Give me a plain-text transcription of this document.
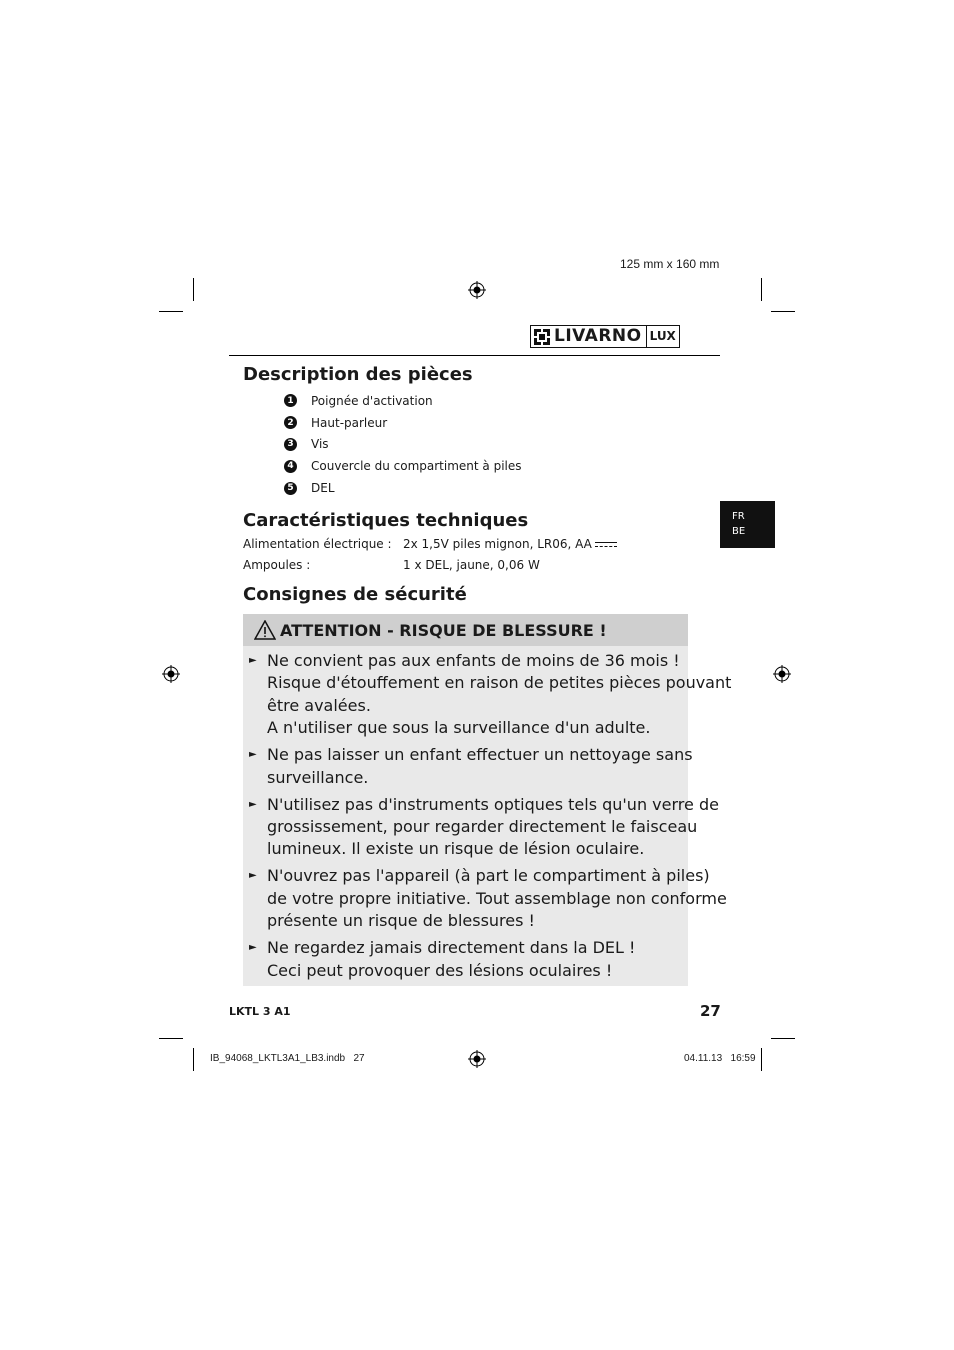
125 mm x 160 mm
LIVARNO LUX
Description des pièces
1 Poignée d'activation
2 Haut-parleur
3 Vis
4 Couvercle du compartiment à piles
5 DEL
FR
BE
Caractéristiques techniques
Alimentation électrique : 2x 1,5V piles mignon, LR06, AA
Ampoules :	1 x DEL, jaune, 0,06 W
Consignes de sécurité
ATTENTION - RISQUE DE BLESSURE !
► Ne convient pas aux enfants de moins de 36 mois !
Risque d'étouffement en raison de petites pièces pouvant
être avalées.
A n'utiliser que sous la surveillance d'un adulte.
► Ne pas laisser un enfant effectuer un nettoyage sans
surveillance.
► N'utilisez pas d'instruments optiques tels qu'un verre de
grossissement, pour regarder directement le faisceau
lumineux. Il existe un risque de lésion oculaire.
► N'ouvrez pas l'appareil (à part le compartiment à piles)
de votre propre initiative. Tout assemblage non conforme
présente un risque de blessures !
► Ne regardez jamais directement dans la DEL !
Ceci peut provoquer des lésions oculaires !
LKTL 3 A1	27
IB_94068_LKTL3A1_LB3.indb   27	04.11.13   16:59
